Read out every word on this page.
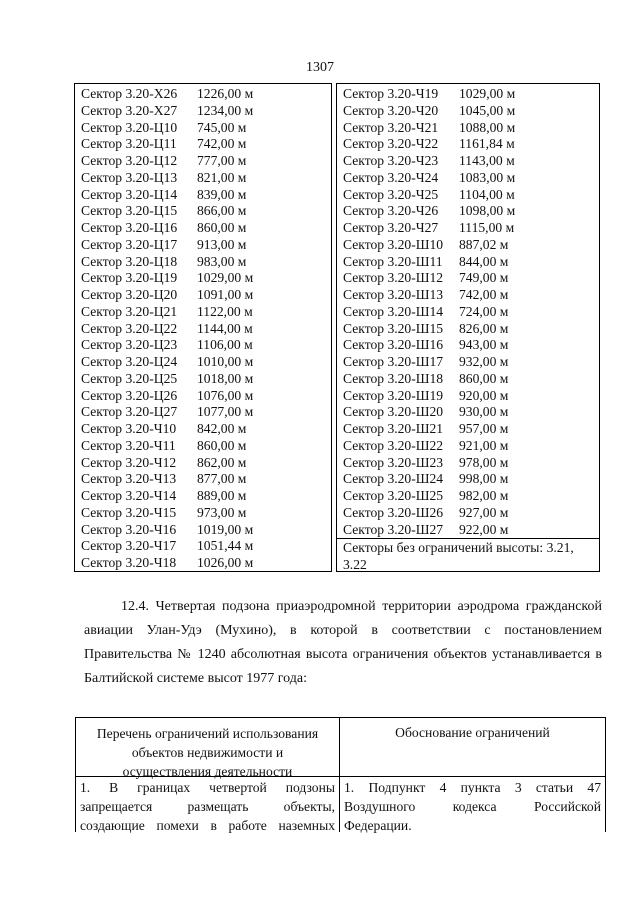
1307
Сектор 3.20-Х26 1226,00 м
Сектор 3.20-Х27 1234,00 м
Сектор 3.20-Ц10 745,00 м
Сектор 3.20-Ц11 742,00 м
Сектор 3.20-Ц12 777,00 м
Сектор 3.20-Ц13 821,00 м
Сектор 3.20-Ц14 839,00 м
Сектор 3.20-Ц15 866,00 м
Сектор 3.20-Ц16 860,00 м
Сектор 3.20-Ц17 913,00 м
Сектор 3.20-Ц18 983,00 м
Сектор 3.20-Ц19 1029,00 м
Сектор 3.20-Ц20 1091,00 м
Сектор 3.20-Ц21 1122,00 м
Сектор 3.20-Ц22 1144,00 м
Сектор 3.20-Ц23 1106,00 м
Сектор 3.20-Ц24 1010,00 м
Сектор 3.20-Ц25 1018,00 м
Сектор 3.20-Ц26 1076,00 м
Сектор 3.20-Ц27 1077,00 м
Сектор 3.20-Ч10 842,00 м
Сектор 3.20-Ч11 860,00 м
Сектор 3.20-Ч12 862,00 м
Сектор 3.20-Ч13 877,00 м
Сектор 3.20-Ч14 889,00 м
Сектор 3.20-Ч15 973,00 м
Сектор 3.20-Ч16 1019,00 м
Сектор 3.20-Ч17 1051,44 м
Сектор 3.20-Ч18 1026,00 м
Секторы без ограничений высоты: 3.21,
3.22
Сектор 3.20-Ч19 1029,00 м
Сектор 3.20-Ч20 1045,00 м
Сектор 3.20-Ч21 1088,00 м
Сектор 3.20-Ч22 1161,84 м
Сектор 3.20-Ч23 1143,00 м
Сектор 3.20-Ч24 1083,00 м
Сектор 3.20-Ч25 1104,00 м
Сектор 3.20-Ч26 1098,00 м
Сектор 3.20-Ч27 1115,00 м
Сектор 3.20-Ш10 887,02 м
Сектор 3.20-Ш11 844,00 м
Сектор 3.20-Ш12 749,00 м
Сектор 3.20-Ш13 742,00 м
Сектор 3.20-Ш14 724,00 м
Сектор 3.20-Ш15 826,00 м
Сектор 3.20-Ш16 943,00 м
Сектор 3.20-Ш17 932,00 м
Сектор 3.20-Ш18 860,00 м
Сектор 3.20-Ш19 920,00 м
Сектор 3.20-Ш20 930,00 м
Сектор 3.20-Ш21 957,00 м
Сектор 3.20-Ш22 921,00 м
Сектор 3.20-Ш23 978,00 м
Сектор 3.20-Ш24 998,00 м
Сектор 3.20-Ш25 982,00 м
Сектор 3.20-Ш26 927,00 м
Сектор 3.20-Ш27 922,00 м
12.4. Четвертая подзона приаэродромной территории аэродрома гражданской
авиации Улан-Удэ (Мухино), в которой в соответствии с постановлением
Правительства № 1240 абсолютная высота ограничения объектов устанавливается в
Балтийской системе высот 1977 года:
Перечень ограничений использования
объектов недвижимости и
осуществления деятельности
Обоснование ограничений
1. В границах четвертой подзоны
запрещается размещать объекты,
создающие помехи в работе наземных
1. Подпункт 4 пункта 3 статьи 47
Воздушного кодекса Российской
Федерации.
